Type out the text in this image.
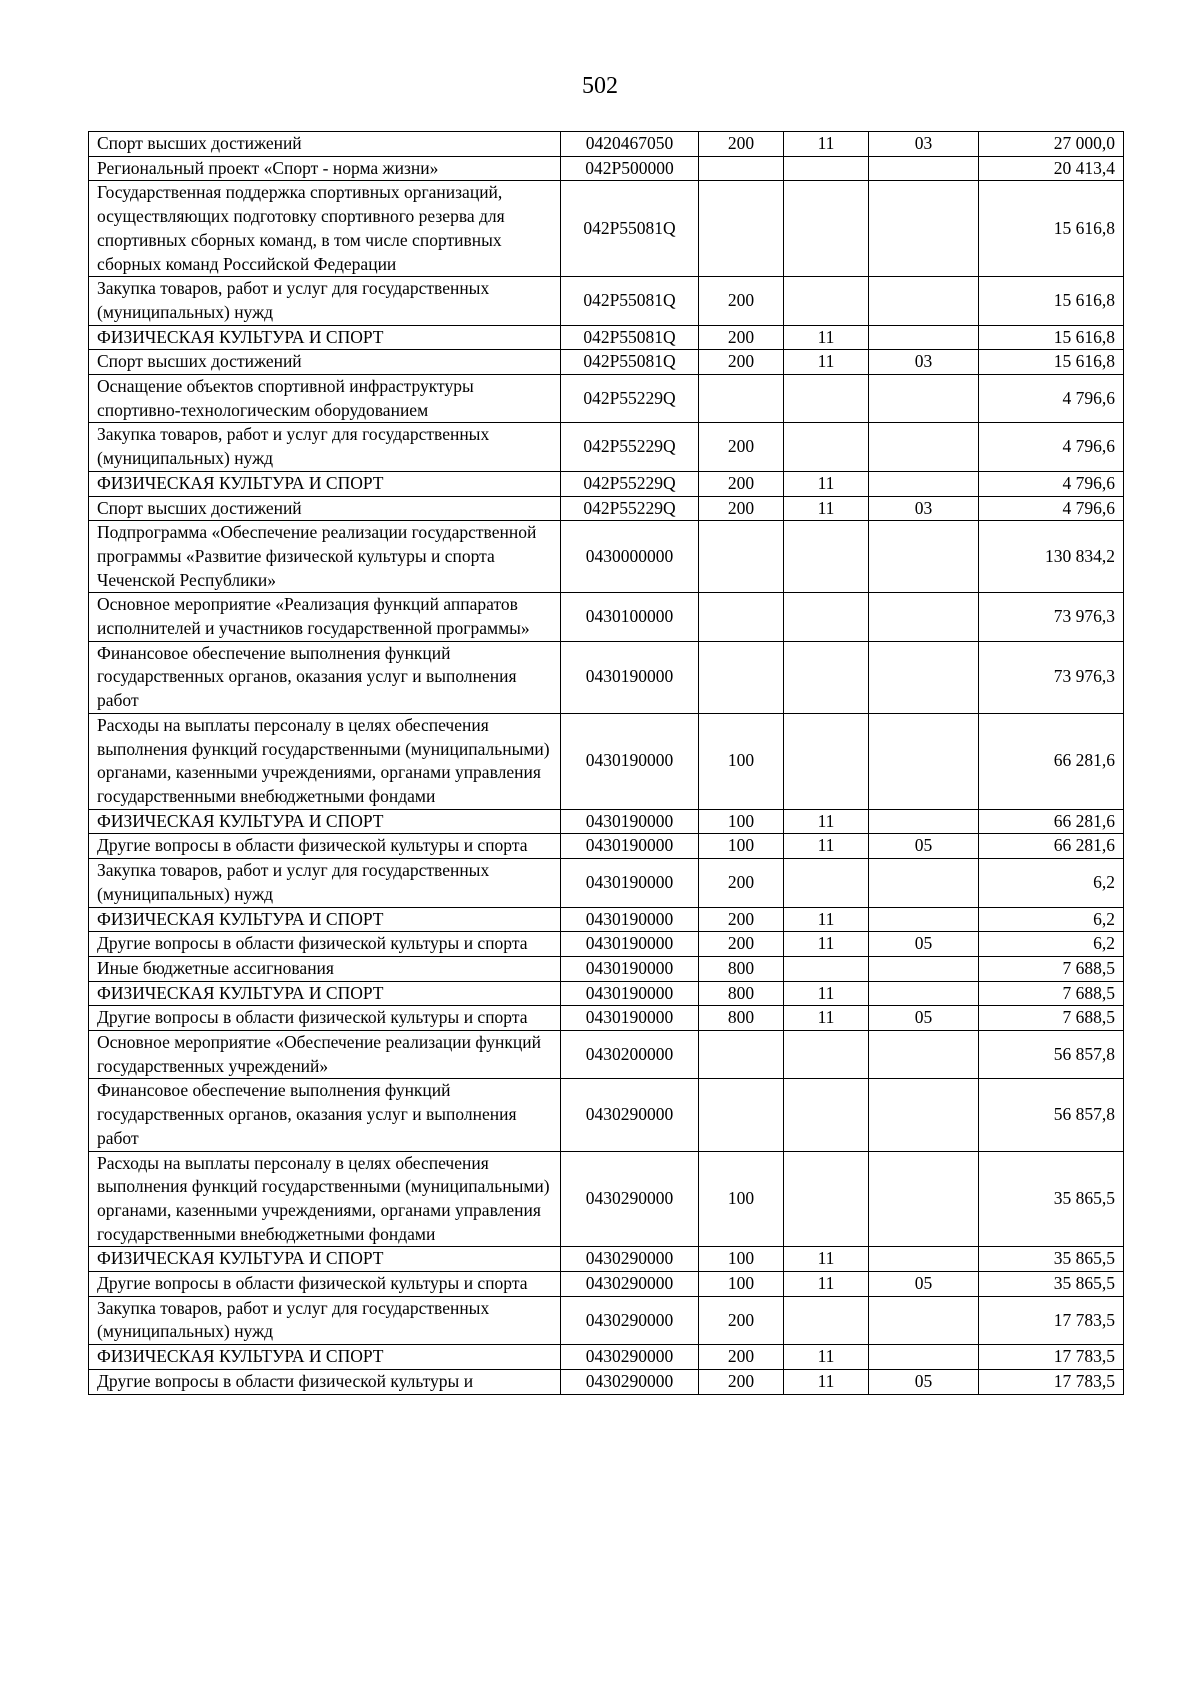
502
Спорт высших достижений	0420467050	200	11	03	27 000,0
Региональный проект «Спорт - норма жизни»	042P500000				20 413,4
Государственная поддержка спортивных организаций, осуществляющих подготовку спортивного резерва для спортивных сборных команд, в том числе спортивных сборных команд Российской Федерации	042P55081Q				15 616,8
Закупка товаров, работ и услуг для государственных (муниципальных) нужд	042P55081Q	200			15 616,8
ФИЗИЧЕСКАЯ КУЛЬТУРА И СПОРТ	042P55081Q	200	11		15 616,8
Спорт высших достижений	042P55081Q	200	11	03	15 616,8
Оснащение объектов спортивной инфраструктуры спортивно-технологическим оборудованием	042P55229Q				4 796,6
Закупка товаров, работ и услуг для государственных (муниципальных) нужд	042P55229Q	200			4 796,6
ФИЗИЧЕСКАЯ КУЛЬТУРА И СПОРТ	042P55229Q	200	11		4 796,6
Спорт высших достижений	042P55229Q	200	11	03	4 796,6
Подпрограмма «Обеспечение реализации государственной программы «Развитие физической культуры и спорта Чеченской Республики»	0430000000				130 834,2
Основное мероприятие «Реализация функций аппаратов исполнителей и участников государственной программы»	0430100000				73 976,3
Финансовое обеспечение выполнения функций государственных органов, оказания услуг и выполнения работ	0430190000				73 976,3
Расходы на выплаты персоналу в целях обеспечения выполнения функций государственными (муниципальными) органами, казенными учреждениями, органами управления государственными внебюджетными фондами	0430190000	100			66 281,6
ФИЗИЧЕСКАЯ КУЛЬТУРА И СПОРТ	0430190000	100	11		66 281,6
Другие вопросы в области физической культуры и спорта	0430190000	100	11	05	66 281,6
Закупка товаров, работ и услуг для государственных (муниципальных) нужд	0430190000	200			6,2
ФИЗИЧЕСКАЯ КУЛЬТУРА И СПОРТ	0430190000	200	11		6,2
Другие вопросы в области физической культуры и спорта	0430190000	200	11	05	6,2
Иные бюджетные ассигнования	0430190000	800			7 688,5
ФИЗИЧЕСКАЯ КУЛЬТУРА И СПОРТ	0430190000	800	11		7 688,5
Другие вопросы в области физической культуры и спорта	0430190000	800	11	05	7 688,5
Основное мероприятие «Обеспечение реализации функций государственных учреждений»	0430200000				56 857,8
Финансовое обеспечение выполнения функций государственных органов, оказания услуг и выполнения работ	0430290000				56 857,8
Расходы на выплаты персоналу в целях обеспечения выполнения функций государственными (муниципальными) органами, казенными учреждениями, органами управления государственными внебюджетными фондами	0430290000	100			35 865,5
ФИЗИЧЕСКАЯ КУЛЬТУРА И СПОРТ	0430290000	100	11		35 865,5
Другие вопросы в области физической культуры и спорта	0430290000	100	11	05	35 865,5
Закупка товаров, работ и услуг для государственных (муниципальных) нужд	0430290000	200			17 783,5
ФИЗИЧЕСКАЯ КУЛЬТУРА И СПОРТ	0430290000	200	11		17 783,5
Другие вопросы в области физической культуры и	0430290000	200	11	05	17 783,5
